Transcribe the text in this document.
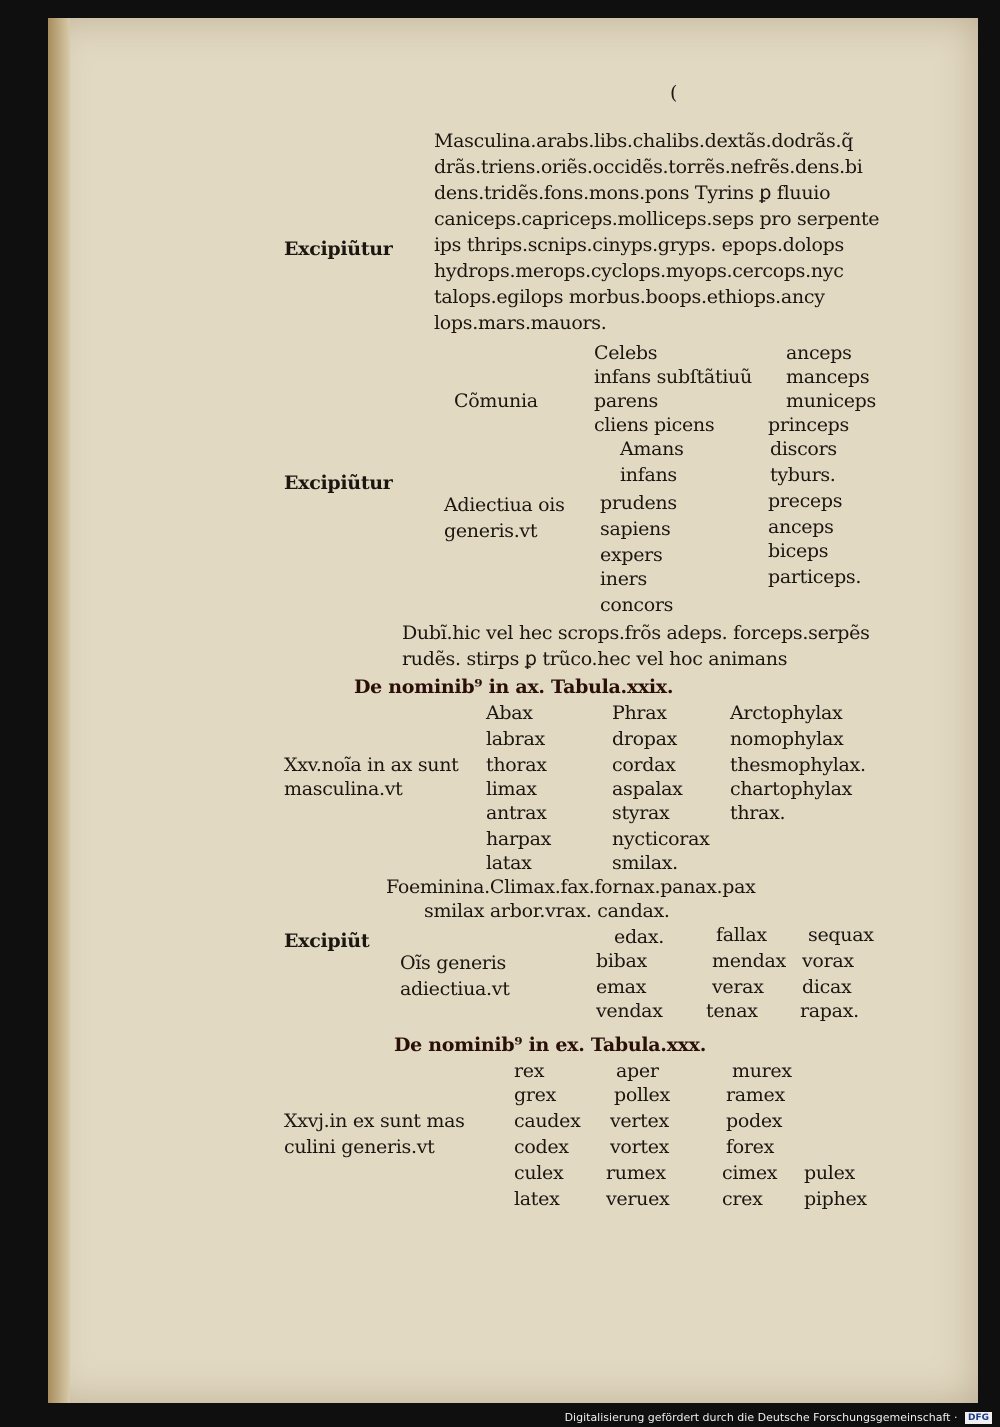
(
Masculina.arabs.libs.chalibs.dextãs.dodrãs.q̃
drãs.triens.oriẽs.occidẽs.torrẽs.nefrẽs.dens.bi
dens.tridẽs.fons.mons.pons Tyrins ꝑ fluuio
caniceps.capriceps.molliceps.seps pro serpente
ips thrips.scnips.cinyps.gryps. epops.dolops
hydrops.merops.cyclops.myops.cercops.nyc
talops.egilops morbus.boops.ethiops.ancy
lops.mars.mauors.
Excipiũtur
Cõmunia
Celebs
infans subſtãtiuũ
parens
cliens picens
anceps
manceps
municeps
princeps
Excipiũtur
Adiectiua ois
generis.vt
Amans
infans
prudens
sapiens
expers
iners
concors
discors
tyburs.
preceps
anceps
biceps
particeps.
Dubĩ.hic vel hec scrops.frõs adeps. forceps.serpẽs
rudẽs. stirps ꝑ trũco.hec vel hoc animans
De nominib⁹ in ax. Tabula.xxix.
Xxv.noĩa in ax sunt
masculina.vt
Abax
labrax
thorax
limax
antrax
harpax
latax
Phrax
dropax
cordax
aspalax
styrax
nycticorax
smilax.
Arctophylax
nomophylax
thesmophylax.
chartophylax
thrax.
Foeminina.Climax.fax.fornax.panax.pax
smilax arbor.vrax. candax.
Excipiũt
Oĩs generis
adiectiua.vt
edax.
bibax
emax
vendax
fallax
mendax
verax
tenax
sequax
vorax
dicax
rapax.
De nominib⁹ in ex. Tabula.xxx.
Xxvj.in ex sunt mas
culini generis.vt
rex
grex
caudex
codex
culex
latex
aper
pollex
vertex
vortex
rumex
veruex
murex
ramex
podex
forex
cimex
crex
pulex
piphex
Digitalisierung gefördert durch die Deutsche Forschungsgemeinschaft · DFG
